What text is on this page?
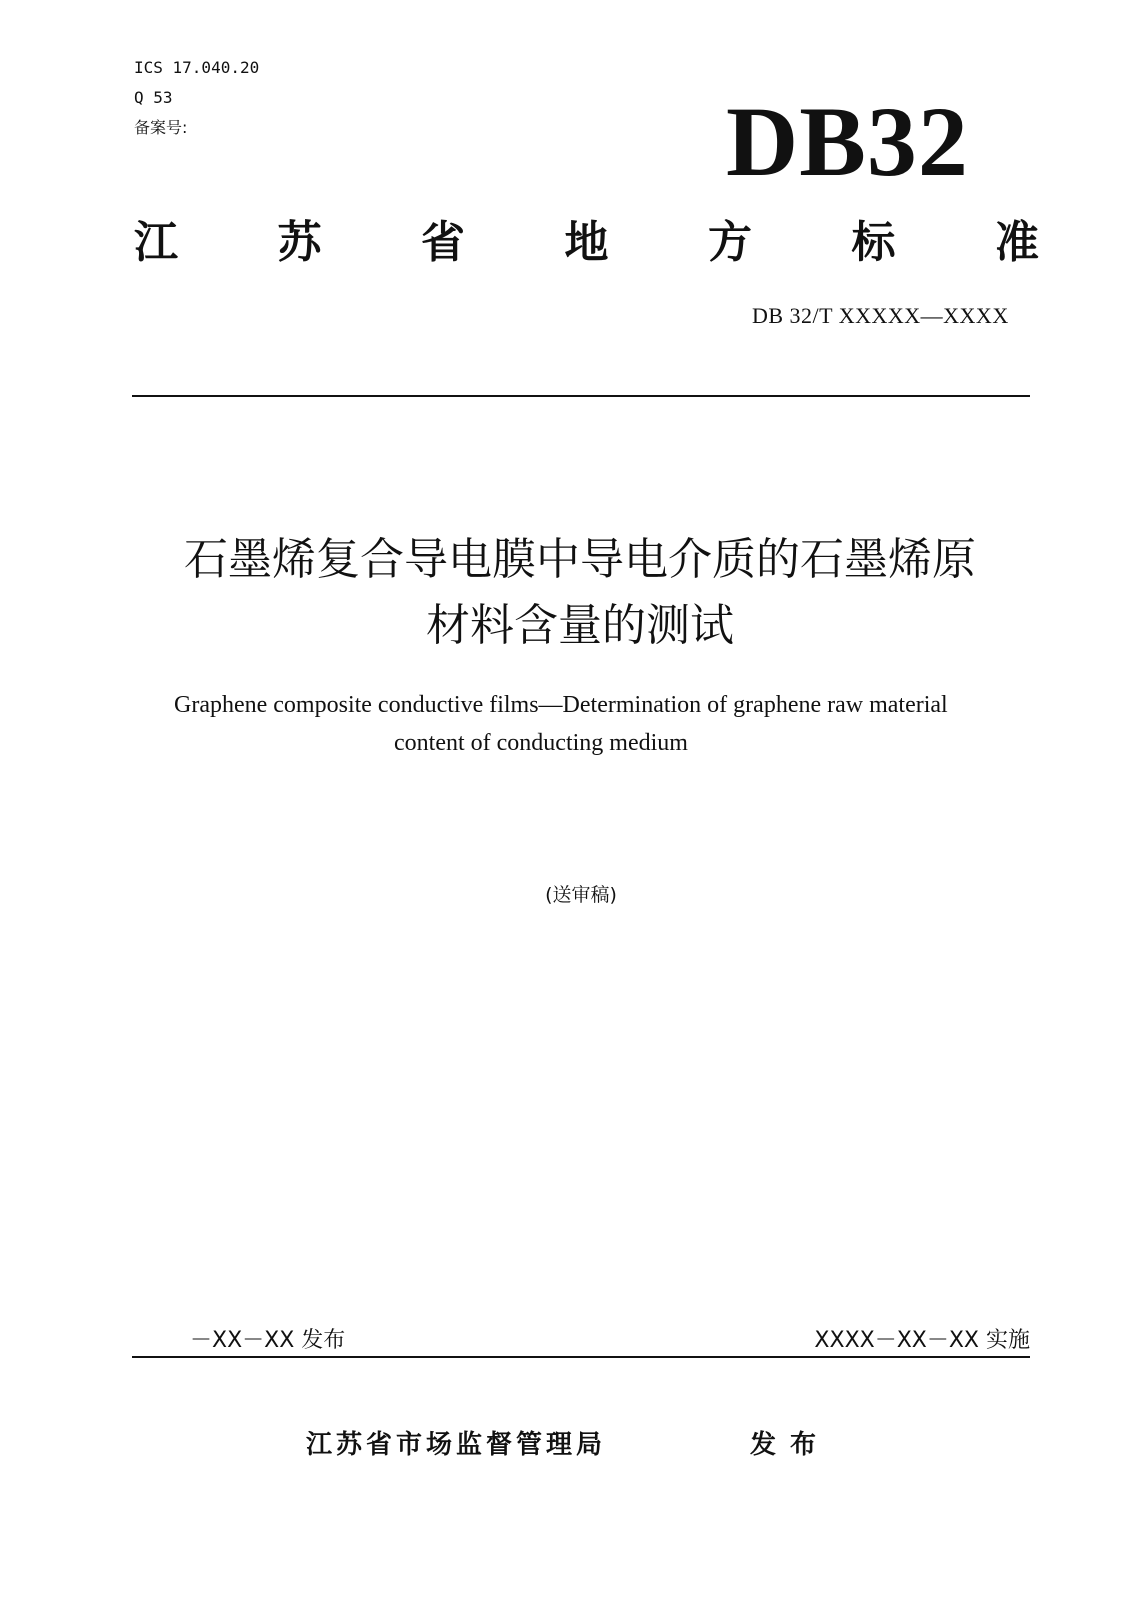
ICS 17.040.20
Q 53
备案号:	DB32
江 苏 省 地 方 标 准
DB 32/T XXXXX—XXXX
石墨烯复合导电膜中导电介质的石墨烯原
材料含量的测试
Graphene composite conductive films—Determination of graphene raw material
content of conducting medium
(送审稿)
－XX－XX 发布	XXXX－XX－XX 实施
江苏省市场监督管理局	发布
